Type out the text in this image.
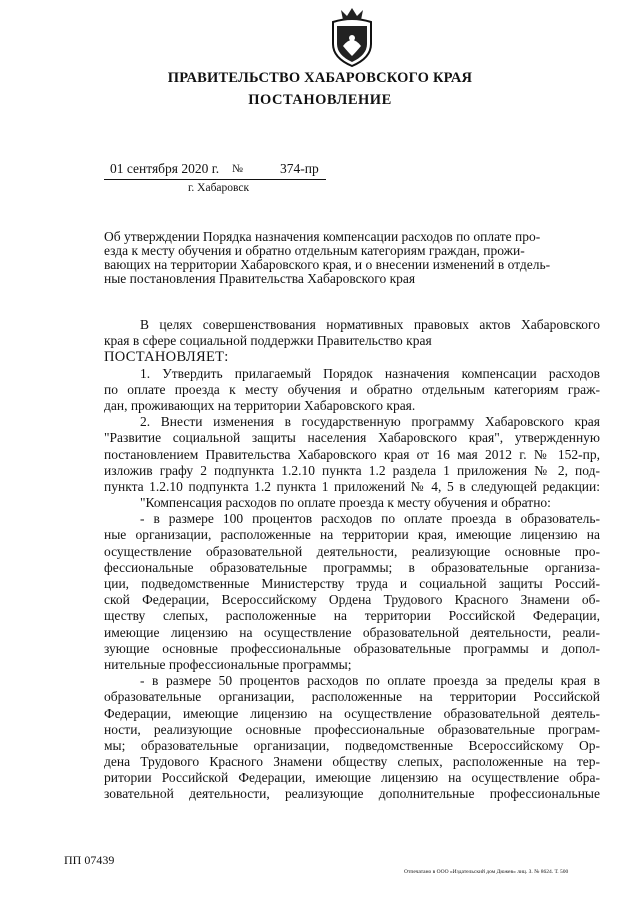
ПРАВИТЕЛЬСТВО ХАБАРОВСКОГО КРАЯ
ПОСТАНОВЛЕНИЕ
01 сентября 2020 г. №	374-пр
г. Хабаровск
Об утверждении Порядка назначения компенсации расходов по оплате про-
езда к месту обучения и обратно отдельным категориям граждан, прожи-
вающих на территории Хабаровского края, и о внесении изменений в отдель-
ные постановления Правительства Хабаровского края
В целях совершенствования нормативных правовых актов Хабаровского
края в сфере социальной поддержки Правительство края
ПОСТАНОВЛЯЕТ:
1. Утвердить прилагаемый Порядок назначения компенсации расходов
по оплате проезда к месту обучения и обратно отдельным категориям граж-
дан, проживающих на территории Хабаровского края.
2. Внести изменения в государственную программу Хабаровского края
"Развитие социальной защиты населения Хабаровского края", утвержденную
постановлением Правительства Хабаровского края от 16 мая 2012 г. № 152-пр,
изложив графу 2 подпункта 1.2.10 пункта 1.2 раздела 1 приложения № 2, под-
пункта 1.2.10 подпункта 1.2 пункта 1 приложений № 4, 5 в следующей редакции:
"Компенсация расходов по оплате проезда к месту обучения и обратно:
- в размере 100 процентов расходов по оплате проезда в образователь-
ные организации, расположенные на территории края, имеющие лицензию на
осуществление образовательной деятельности, реализующие основные про-
фессиональные образовательные программы; в образовательные организа-
ции, подведомственные Министерству труда и социальной защиты Россий-
ской Федерации, Всероссийскому Ордена Трудового Красного Знамени об-
ществу слепых, расположенные на территории Российской Федерации,
имеющие лицензию на осуществление образовательной деятельности, реали-
зующие основные профессиональные образовательные программы и допол-
нительные профессиональные программы;
- в размере 50 процентов расходов по оплате проезда за пределы края в
образовательные организации, расположенные на территории Российской
Федерации, имеющие лицензию на осуществление образовательной деятель-
ности, реализующие основные профессиональные образовательные програм-
мы; образовательные организации, подведомственные Всероссийскому Ор-
дена Трудового Красного Знамени обществу слепых, расположенные на тер-
ритории Российской Федерации, имеющие лицензию на осуществление обра-
зовательной деятельности, реализующие дополнительные профессиональные
ПП 07439
Отпечатано в ООО «Издательский дом Дюжев» лиц. З. № 8624. Т. 500
